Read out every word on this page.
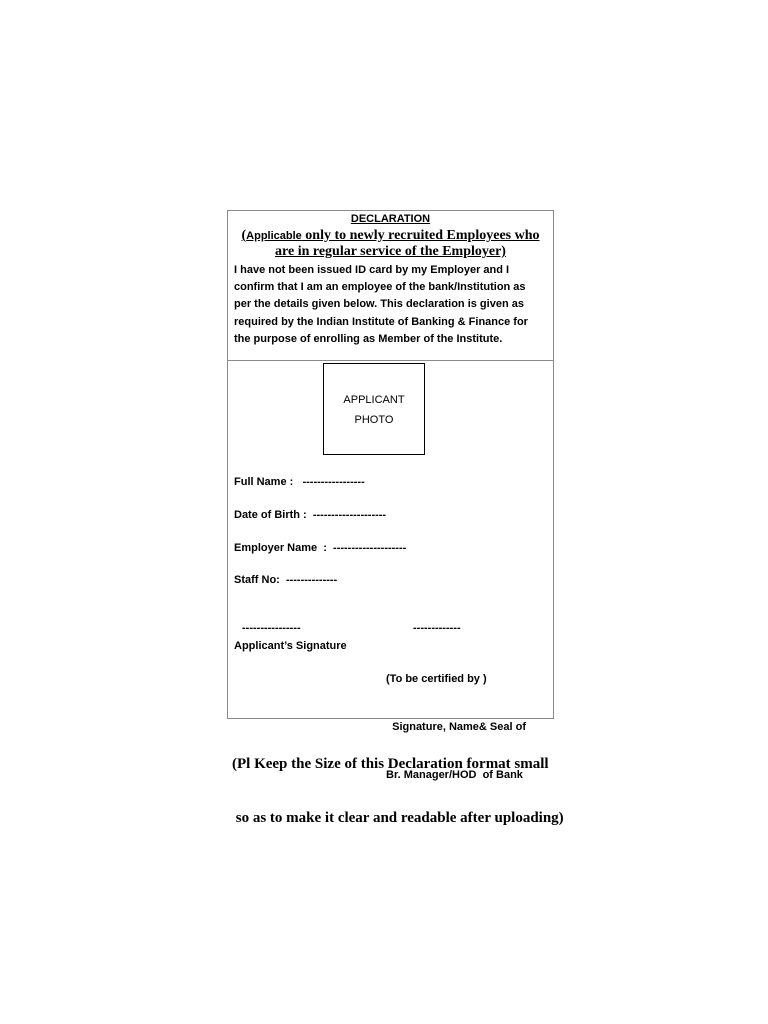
DECLARATION
(Applicable only to newly recruited Employees who
are in regular service of the Employer)
I have not been issued ID card by my Employer and I
confirm that I am an employee of the bank/Institution as
per the details given below. This declaration is given as
required by the Indian Institute of Banking & Finance for
the purpose of enrolling as Member of the Institute.
APPLICANT
PHOTO
Full Name :   -----------------
Date of Birth :  --------------------
Employer Name  :  --------------------
Staff No:  --------------
----------------
Applicant’s Signature
-------------

(To be certified by )

Signature, Name& Seal of

Br. Manager/HOD  of Bank

(Pl Keep the Size of this Declaration format small

so as to make it clear and readable after uploading)
